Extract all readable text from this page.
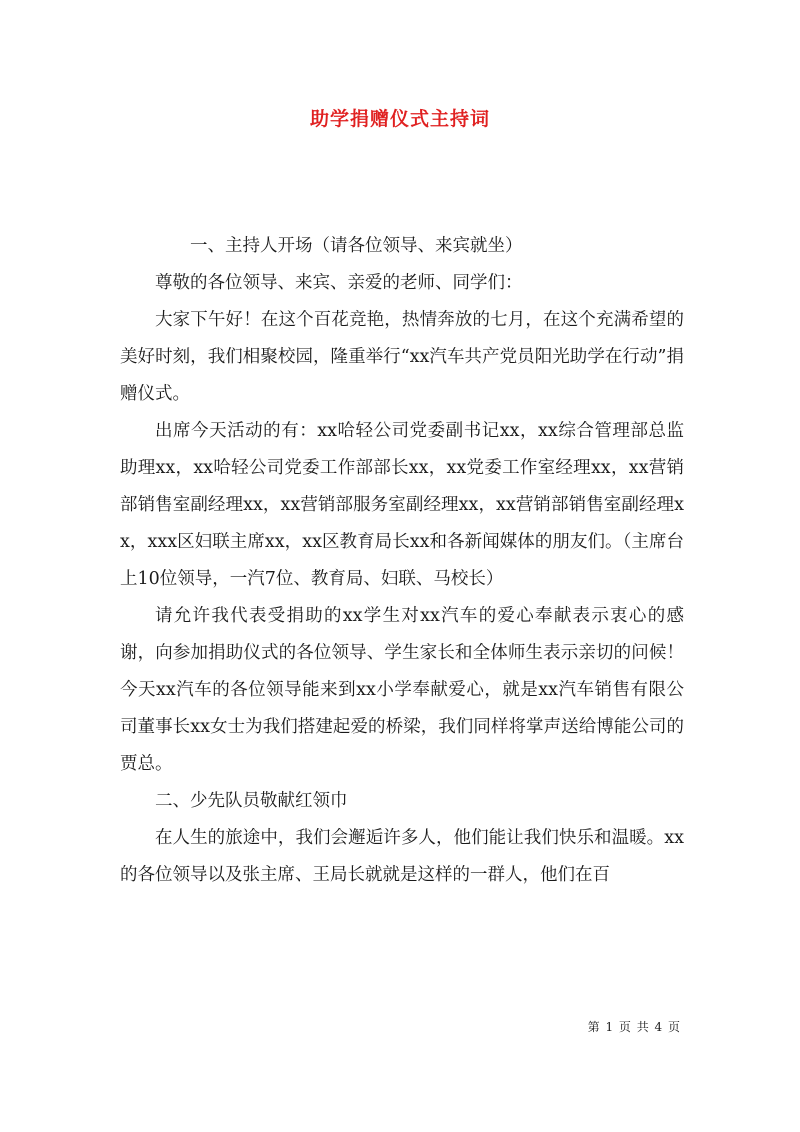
助学捐赠仪式主持词

一、主持人开场（请各位领导、来宾就坐）

尊敬的各位领导、来宾、亲爱的老师、同学们：

大家下午好！在这个百花竞艳，热情奔放的七月，在这个充满希望的美好时刻，我们相聚校园，隆重举行“xx汽车共产党员阳光助学在行动”捐赠仪式。

出席今天活动的有：xx哈轻公司党委副书记xx，xx综合管理部总监助理xx，xx哈轻公司党委工作部部长xx，xx党委工作室经理xx，xx营销部销售室副经理xx，xx营销部服务室副经理xx，xx营销部销售室副经理xx，xxx区妇联主席xx，xx区教育局长xx和各新闻媒体的朋友们。（主席台上10位领导，一汽7位、教育局、妇联、马校长）

请允许我代表受捐助的xx学生对xx汽车的爱心奉献表示衷心的感谢，向参加捐助仪式的各位领导、学生家长和全体师生表示亲切的问候！今天xx汽车的各位领导能来到xx小学奉献爱心，就是xx汽车销售有限公司董事长xx女士为我们搭建起爱的桥梁，我们同样将掌声送给博能公司的贾总。

二、少先队员敬献红领巾

在人生的旅途中，我们会邂逅许多人，他们能让我们快乐和温暖。xx的各位领导以及张主席、王局长就就是这样的一群人，他们在百

第 1 页 共 4 页
